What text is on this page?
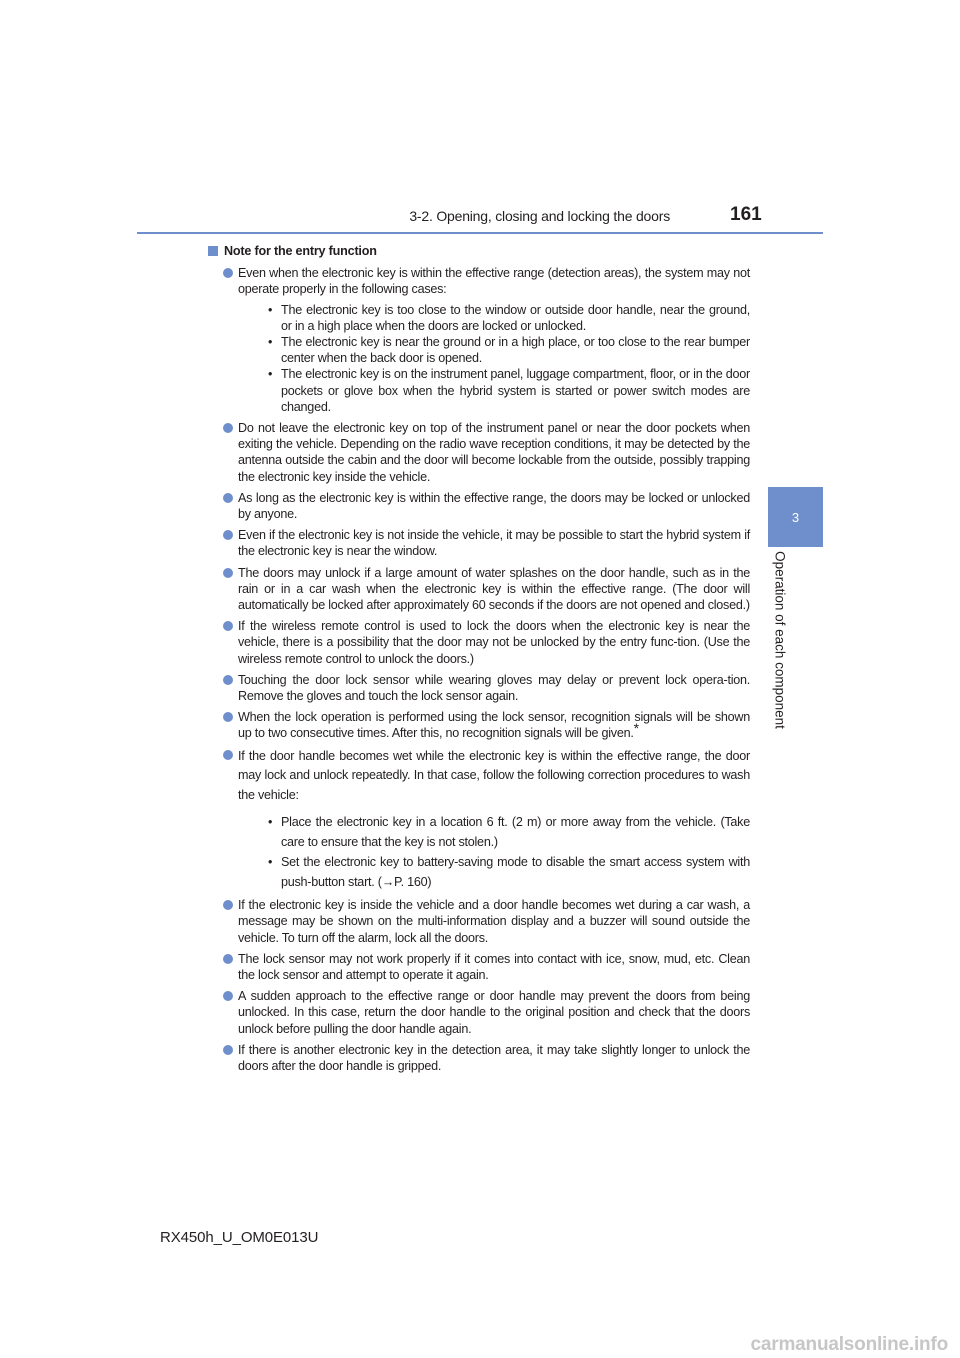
3-2. Opening, closing and locking the doors	161
3
Operation of each component
Note for the entry function
Even when the electronic key is within the effective range (detection areas), the system may not operate properly in the following cases:
• The electronic key is too close to the window or outside door handle, near the ground, or in a high place when the doors are locked or unlocked.
• The electronic key is near the ground or in a high place, or too close to the rear bumper center when the back door is opened.
• The electronic key is on the instrument panel, luggage compartment, floor, or in the door pockets or glove box when the hybrid system is started or power switch modes are changed.
Do not leave the electronic key on top of the instrument panel or near the door pockets when exiting the vehicle. Depending on the radio wave reception conditions, it may be detected by the antenna outside the cabin and the door will become lockable from the outside, possibly trapping the electronic key inside the vehicle.
As long as the electronic key is within the effective range, the doors may be locked or unlocked by anyone.
Even if the electronic key is not inside the vehicle, it may be possible to start the hybrid system if the electronic key is near the window.
The doors may unlock if a large amount of water splashes on the door handle, such as in the rain or in a car wash when the electronic key is within the effective range. (The door will automatically be locked after approximately 60 seconds if the doors are not opened and closed.)
If the wireless remote control is used to lock the doors when the electronic key is near the vehicle, there is a possibility that the door may not be unlocked by the entry func-tion. (Use the wireless remote control to unlock the doors.)
Touching the door lock sensor while wearing gloves may delay or prevent lock opera-tion. Remove the gloves and touch the lock sensor again.
When the lock operation is performed using the lock sensor, recognition signals will be shown up to two consecutive times. After this, no recognition signals will be given.*
If the door handle becomes wet while the electronic key is within the effective range, the door may lock and unlock repeatedly. In that case, follow the following correction procedures to wash the vehicle:
• Place the electronic key in a location 6 ft. (2 m) or more away from the vehicle. (Take care to ensure that the key is not stolen.)
• Set the electronic key to battery-saving mode to disable the smart access system with push-button start. (→P. 160)
If the electronic key is inside the vehicle and a door handle becomes wet during a car wash, a message may be shown on the multi-information display and a buzzer will sound outside the vehicle. To turn off the alarm, lock all the doors.
The lock sensor may not work properly if it comes into contact with ice, snow, mud, etc. Clean the lock sensor and attempt to operate it again.
A sudden approach to the effective range or door handle may prevent the doors from being unlocked. In this case, return the door handle to the original position and check that the doors unlock before pulling the door handle again.
If there is another electronic key in the detection area, it may take slightly longer to unlock the doors after the door handle is gripped.
RX450h_U_OM0E013U
carmanualsonline.info
